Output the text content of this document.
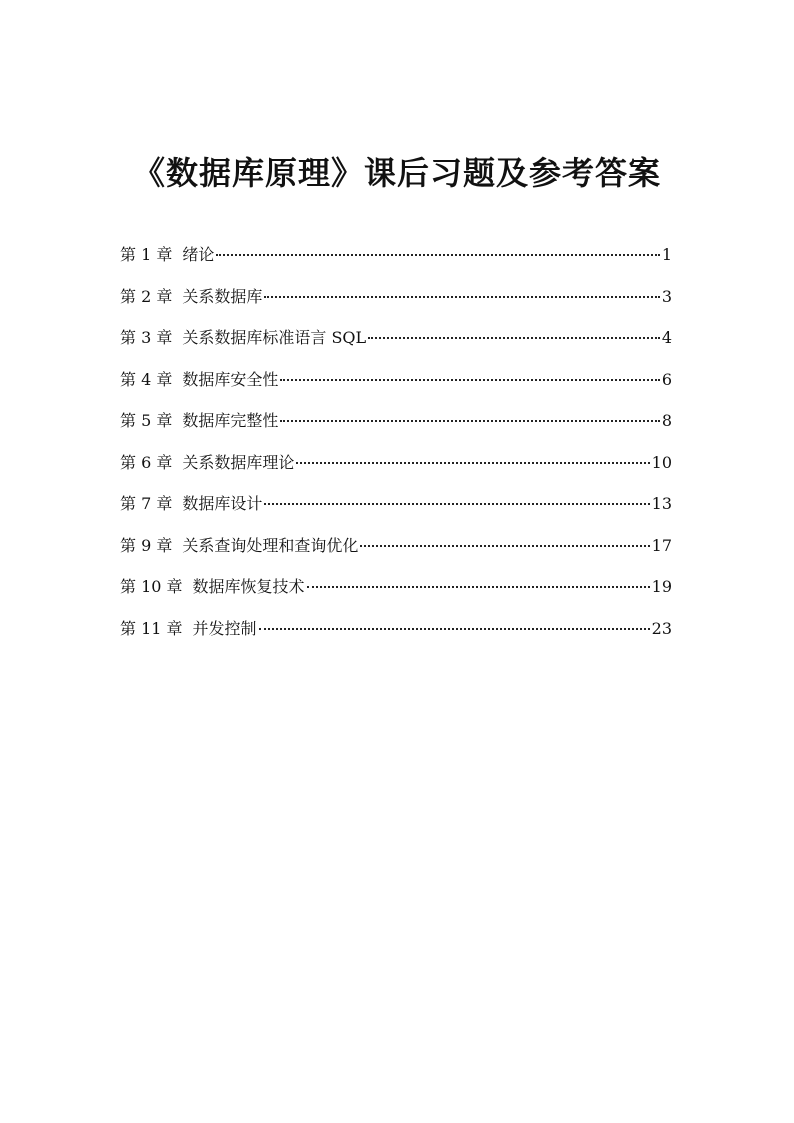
《数据库原理》课后习题及参考答案
第 1 章 绪论	1
第 2 章 关系数据库	3
第 3 章 关系数据库标准语言 SQL	4
第 4 章 数据库安全性	6
第 5 章 数据库完整性	8
第 6 章 关系数据库理论	10
第 7 章 数据库设计	13
第 9 章 关系查询处理和查询优化	17
第 10 章 数据库恢复技术	19
第 11 章 并发控制	23
